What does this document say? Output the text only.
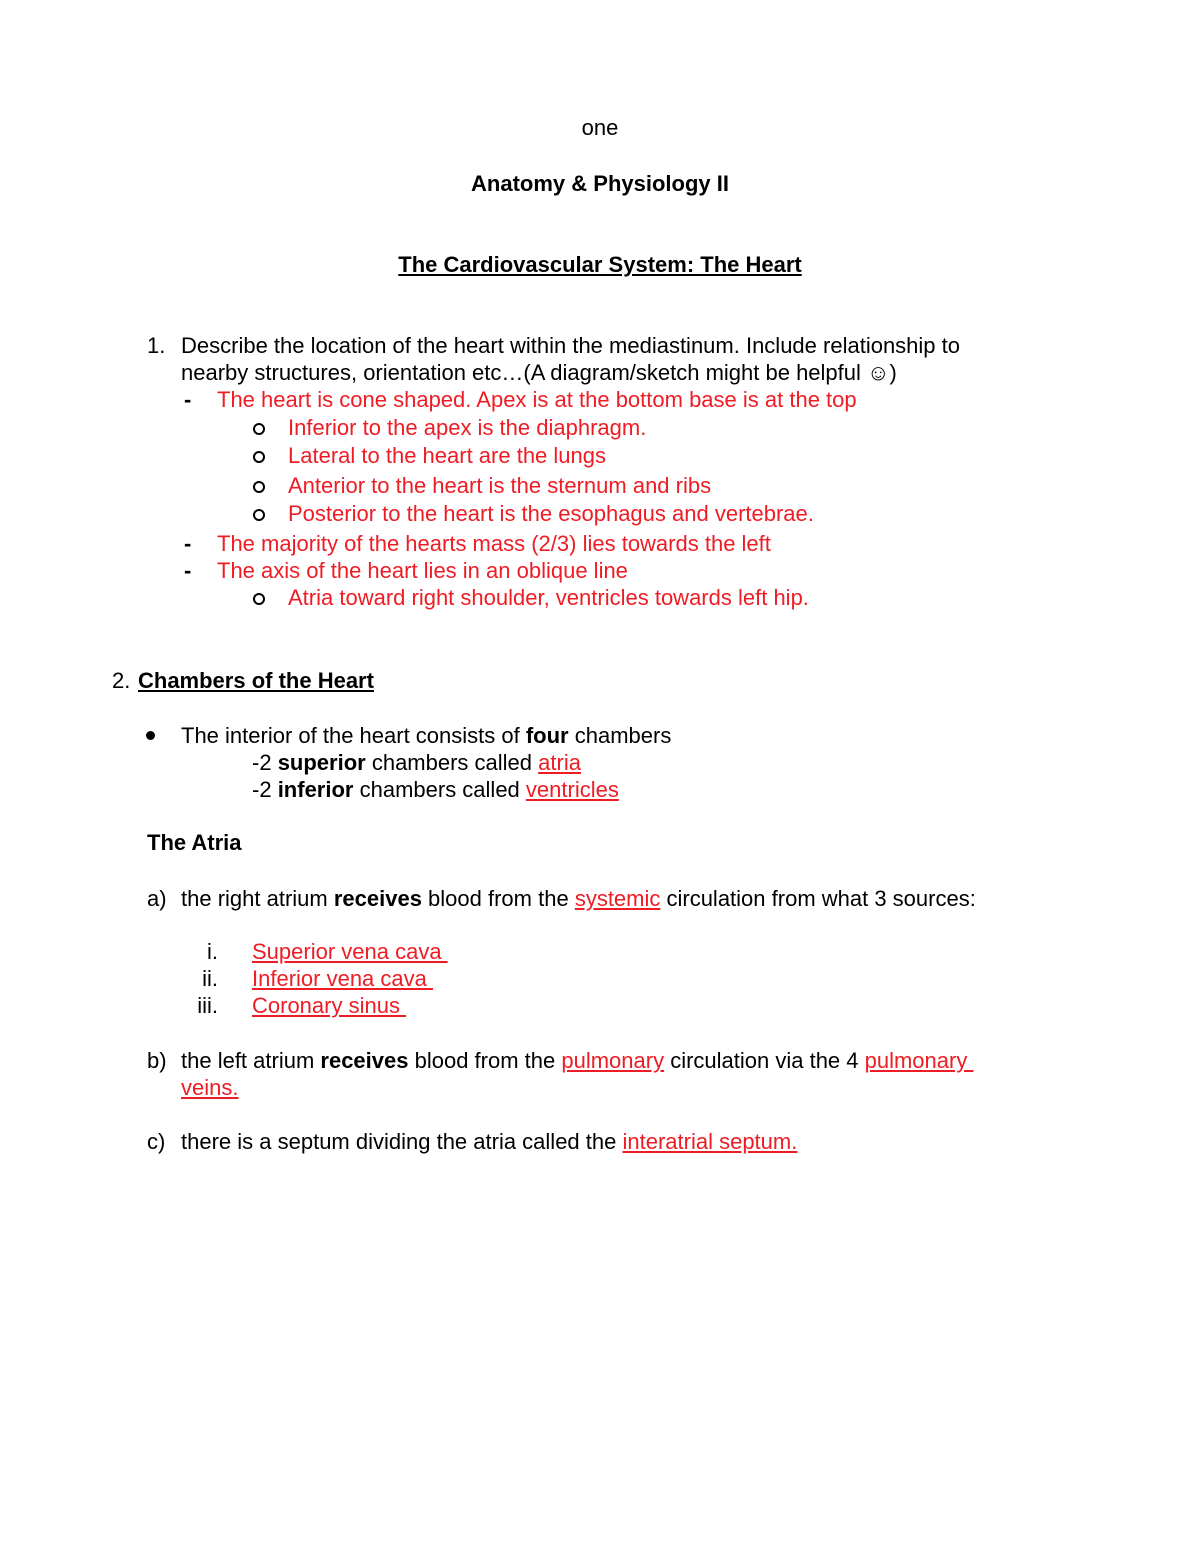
one
Anatomy & Physiology II
The Cardiovascular System: The Heart
1. Describe the location of the heart within the mediastinum. Include relationship to
nearby structures, orientation etc…(A diagram/sketch might be helpful ☺)
- The heart is cone shaped. Apex is at the bottom base is at the top
Inferior to the apex is the diaphragm.
Lateral to the heart are the lungs
Anterior to the heart is the sternum and ribs
Posterior to the heart is the esophagus and vertebrae.
- The majority of the hearts mass (2/3) lies towards the left
- The axis of the heart lies in an oblique line
Atria toward right shoulder, ventricles towards left hip.
2. Chambers of the Heart
The interior of the heart consists of four chambers
-2 superior chambers called atria
-2 inferior chambers called ventricles
The Atria
a) the right atrium receives blood from the systemic circulation from what 3 sources:
i. Superior vena cava
ii. Inferior vena cava
iii. Coronary sinus
b) the left atrium receives blood from the pulmonary circulation via the 4 pulmonary
veins.
c) there is a septum dividing the atria called the interatrial septum.
